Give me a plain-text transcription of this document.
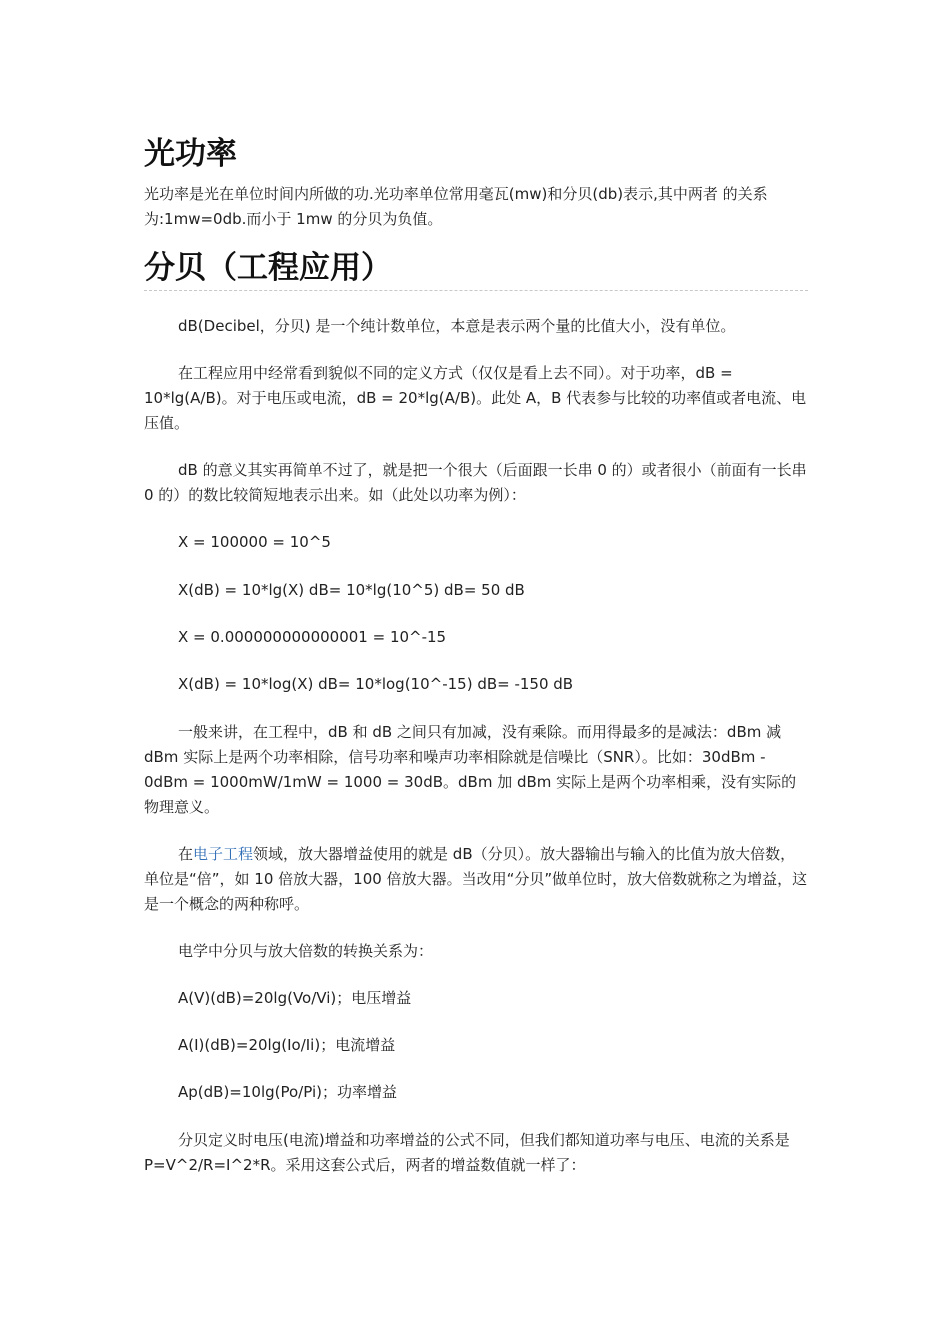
光功率
光功率是光在单位时间内所做的功.光功率单位常用毫瓦(mw)和分贝(db)表示,其中两者 的关系为:1mw=0db.而小于 1mw 的分贝为负值。
分贝（工程应用）
dB(Decibel，分贝) 是一个纯计数单位，本意是表示两个量的比值大小，没有单位。
在工程应用中经常看到貌似不同的定义方式（仅仅是看上去不同）。对于功率，dB = 10*lg(A/B)。对于电压或电流，dB = 20*lg(A/B)。此处 A，B 代表参与比较的功率值或者电流、电压值。
dB 的意义其实再简单不过了，就是把一个很大（后面跟一长串 0 的）或者很小（前面有一长串 0 的）的数比较简短地表示出来。如（此处以功率为例）：
X = 100000 = 10^5
X(dB) = 10*lg(X) dB= 10*lg(10^5) dB= 50 dB
X = 0.000000000000001 = 10^-15
X(dB) = 10*log(X) dB= 10*log(10^-15) dB= -150 dB
一般来讲，在工程中，dB 和 dB 之间只有加减，没有乘除。而用得最多的是减法：dBm 减 dBm 实际上是两个功率相除，信号功率和噪声功率相除就是信噪比（SNR）。比如：30dBm - 0dBm = 1000mW/1mW = 1000 = 30dB。dBm 加 dBm 实际上是两个功率相乘，没有实际的物理意义。
在电子工程领域，放大器增益使用的就是 dB（分贝）。放大器输出与输入的比值为放大倍数，单位是“倍”，如 10 倍放大器，100 倍放大器。当改用“分贝”做单位时，放大倍数就称之为增益，这是一个概念的两种称呼。
电学中分贝与放大倍数的转换关系为：
A(V)(dB)=20lg(Vo/Vi)；电压增益
A(I)(dB)=20lg(Io/Ii)；电流增益
Ap(dB)=10lg(Po/Pi)；功率增益
分贝定义时电压(电流)增益和功率增益的公式不同，但我们都知道功率与电压、电流的关系是 P=V^2/R=I^2*R。采用这套公式后，两者的增益数值就一样了：
